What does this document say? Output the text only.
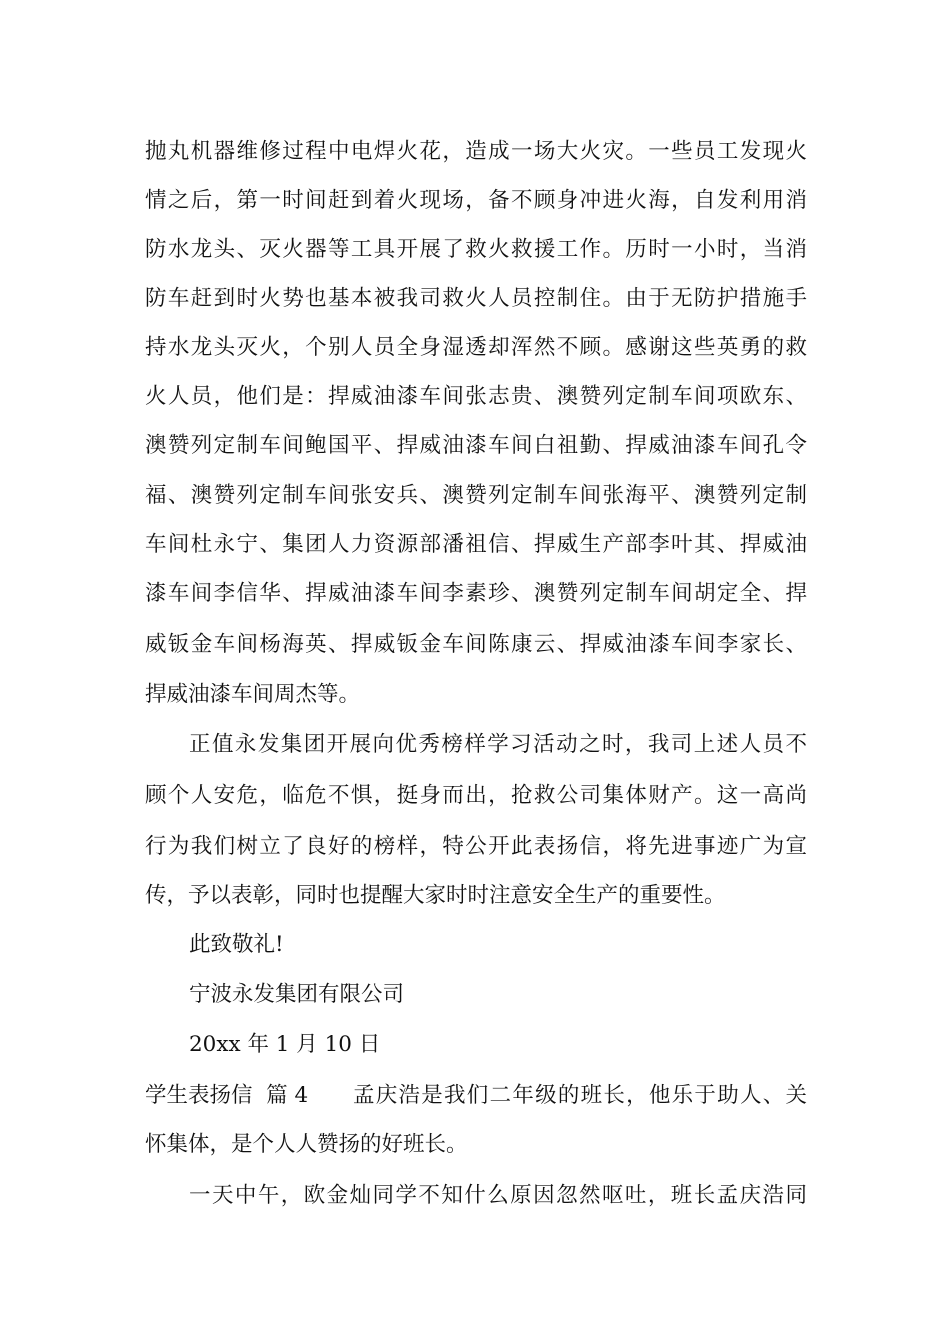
抛丸机器维修过程中电焊火花，造成一场大火灾。一些员工发现火
情之后，第一时间赶到着火现场，备不顾身冲进火海，自发利用消
防水龙头、灭火器等工具开展了救火救援工作。历时一小时，当消
防车赶到时火势也基本被我司救火人员控制住。由于无防护措施手
持水龙头灭火，个别人员全身湿透却浑然不顾。感谢这些英勇的救
火人员，他们是：捍威油漆车间张志贵、澳赞列定制车间项欧东、
澳赞列定制车间鲍国平、捍威油漆车间白祖勤、捍威油漆车间孔令
福、澳赞列定制车间张安兵、澳赞列定制车间张海平、澳赞列定制
车间杜永宁、集团人力资源部潘祖信、捍威生产部李叶其、捍威油
漆车间李信华、捍威油漆车间李素珍、澳赞列定制车间胡定全、捍
威钣金车间杨海英、捍威钣金车间陈康云、捍威油漆车间李家长、
捍威油漆车间周杰等。
正值永发集团开展向优秀榜样学习活动之时，我司上述人员不
顾个人安危，临危不惧，挺身而出，抢救公司集体财产。这一高尚
行为我们树立了良好的榜样，特公开此表扬信，将先进事迹广为宣
传，予以表彰，同时也提醒大家时时注意安全生产的重要性。
此致敬礼!
宁波永发集团有限公司
20xx 年 1 月 10 日
学生表扬信  篇 4 孟庆浩是我们二年级的班长，他乐于助人、关
怀集体，是个人人赞扬的好班长。
一天中午，欧金灿同学不知什么原因忽然呕吐，班长孟庆浩同
